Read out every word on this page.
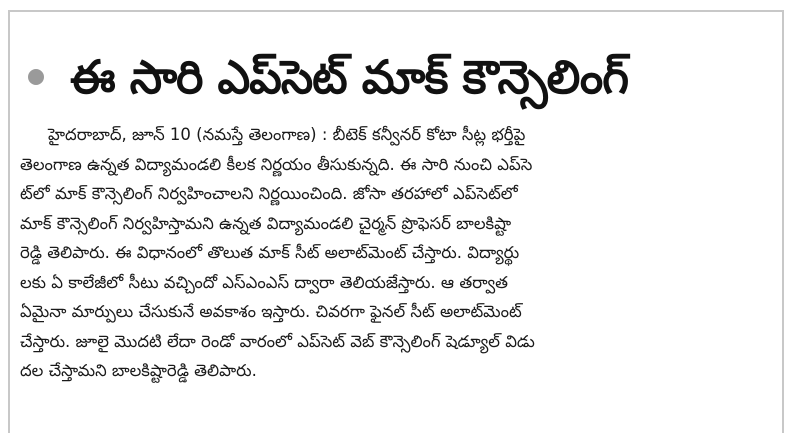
ఈ సారి ఎప్‌సెట్‌ మాక్‌ కౌన్సెలింగ్‌
హైదరాబాద్‌, జూన్‌ 10 (నమస్తే తెలంగాణ) : బీటెక్‌ కన్వీనర్‌ కోటా సీట్ల భర్తీపై
తెలంగాణ ఉన్నత విద్యామండలి కీలక నిర్ణయం తీసుకున్నది. ఈ సారి నుంచి ఎప్‌సె
ట్‌లో మాక్‌ కౌన్సెలింగ్‌ నిర్వహించాలని నిర్ణయించింది. జోసా తరహాలో ఎప్‌సెట్‌లో
మాక్‌ కౌన్సెలింగ్‌ నిర్వహిస్తామని ఉన్నత విద్యామండలి చైర్మన్‌ ప్రొఫెసర్‌ బాలకిష్టా
రెడ్డి తెలిపారు. ఈ విధానంలో తొలుత మాక్‌ సీట్‌ అలాట్‌మెంట్‌ చేస్తారు. విద్యార్థు
లకు ఏ కాలేజీలో సీటు వచ్చిందో ఎస్‌ఎంఎస్‌ ద్వారా తెలియజేస్తారు. ఆ తర్వాత
ఏమైనా మార్పులు చేసుకునే అవకాశం ఇస్తారు. చివరగా ఫైనల్‌ సీట్‌ అలాట్‌మెంట్‌
చేస్తారు. జూలై మొదటి లేదా రెండో వారంలో ఎప్‌సెట్‌ వెబ్‌ కౌన్సెలింగ్‌ షెడ్యూల్‌ విడు
దల చేస్తామని బాలకిష్టారెడ్డి తెలిపారు.
